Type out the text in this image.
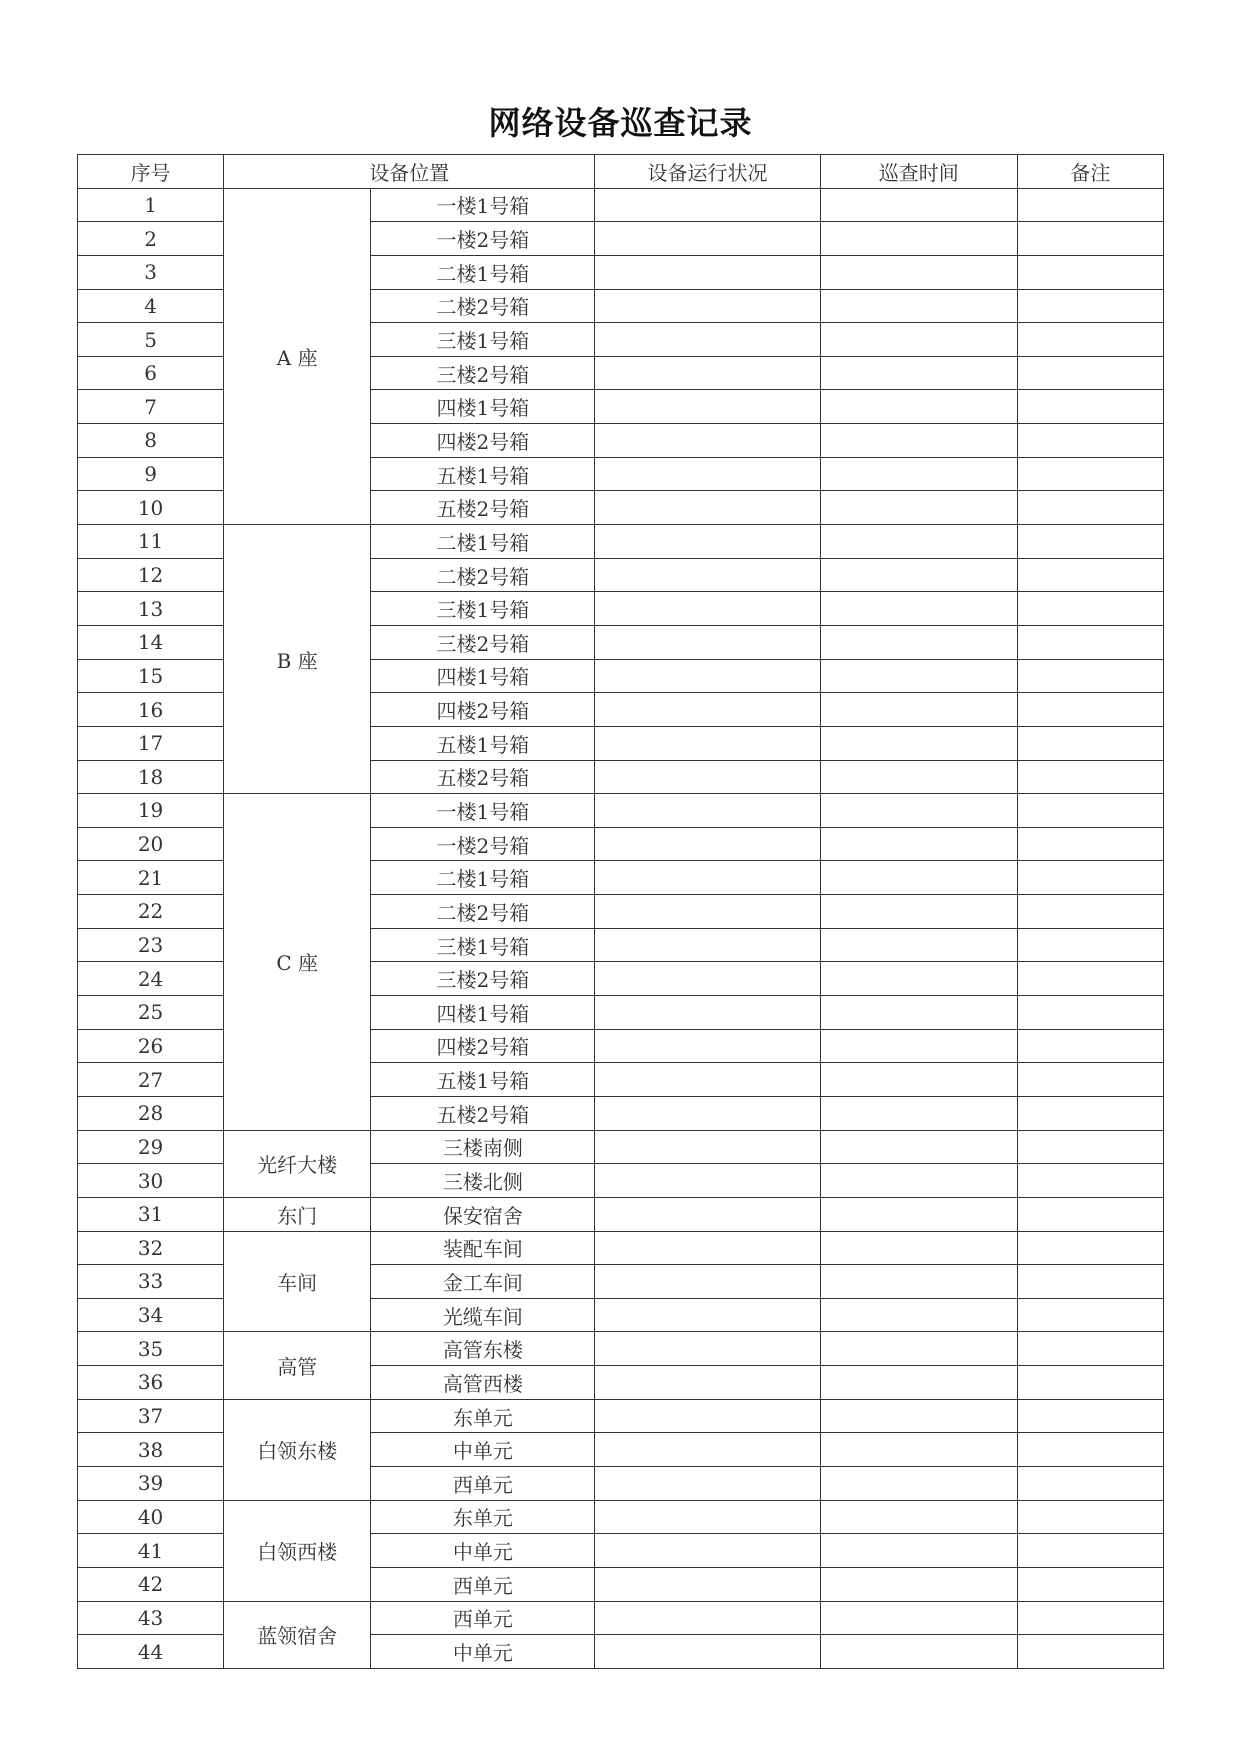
网络设备巡查记录
序号	设备位置		设备运行状况	巡查时间	备注
1	A 座	一楼1号箱			
2		一楼2号箱			
3		二楼1号箱			
4		二楼2号箱			
5		三楼1号箱			
6		三楼2号箱			
7		四楼1号箱			
8		四楼2号箱			
9		五楼1号箱			
10		五楼2号箱			
11	B 座	二楼1号箱			
12		二楼2号箱			
13		三楼1号箱			
14		三楼2号箱			
15		四楼1号箱			
16		四楼2号箱			
17		五楼1号箱			
18		五楼2号箱			
19	C 座	一楼1号箱			
20		一楼2号箱			
21		二楼1号箱			
22		二楼2号箱			
23		三楼1号箱			
24		三楼2号箱			
25		四楼1号箱			
26		四楼2号箱			
27		五楼1号箱			
28		五楼2号箱			
29	光纤大楼	三楼南侧			
30		三楼北侧			
31	东门	保安宿舍			
32	车间	装配车间			
33		金工车间			
34		光缆车间			
35	高管	高管东楼			
36		高管西楼			
37	白领东楼	东单元			
38		中单元			
39		西单元			
40	白领西楼	东单元			
41		中单元			
42		西单元			
43	蓝领宿舍	西单元			
44		中单元			
